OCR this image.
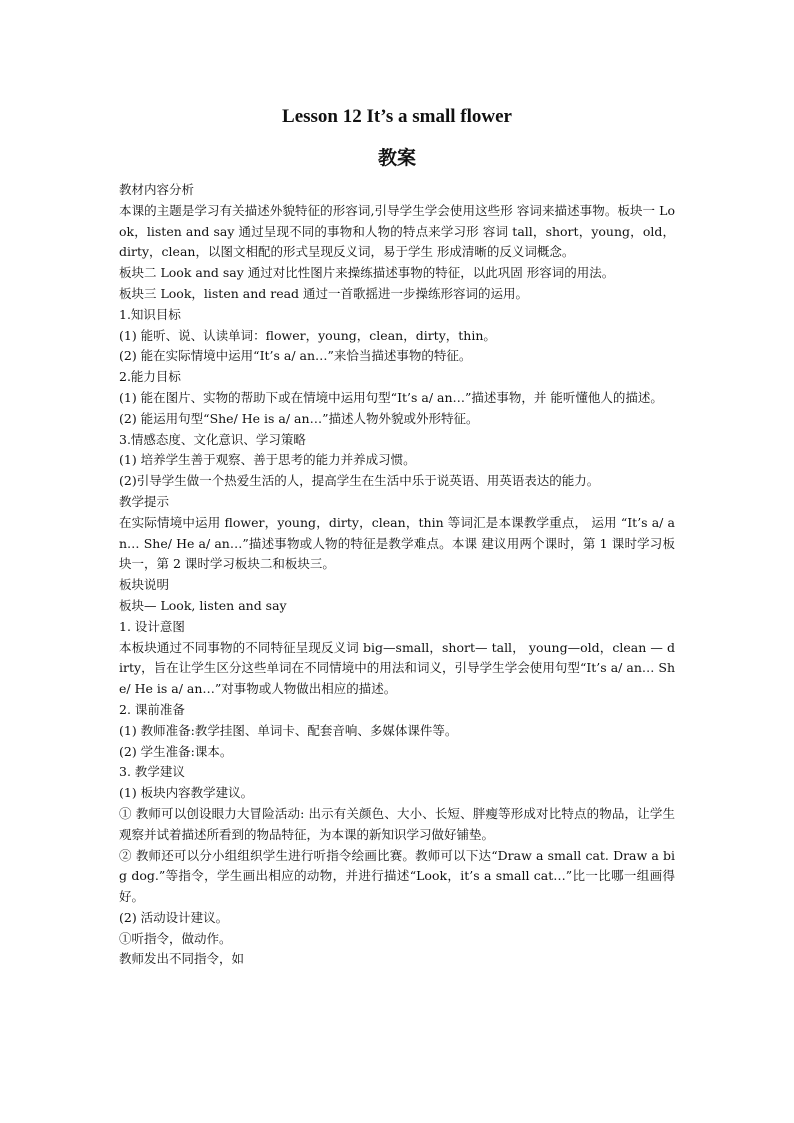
Lesson 12 It’s a small flower
教案

教材内容分析

本课的主题是学习有关描述外貌特征的形容词,引导学生学会使用这些形 容词来描述事物。板块一 Look，listen and say 通过呈现不同的事物和人物的特点来学习形 容词 tall，short，young，old，dirty，clean，以图文相配的形式呈现反义词，易于学生 形成清晰的反义词概念。

板块二 Look and say 通过对比性图片来操练描述事物的特征，以此巩固 形容词的用法。

板块三 Look，listen and read 通过一首歌摇进一步操练形容词的运用。

1.知识目标

(1) 能听、说、认读单词：flower，young，clean，dirty，thin。

(2) 能在实际情境中运用“It’s a/ an…”来恰当描述事物的特征。

2.能力目标

(1) 能在图片、实物的帮助下或在情境中运用句型“It’s a/ an…”描述事物，并 能听懂他人的描述。

(2) 能运用句型“She/ He is a/ an…”描述人物外貌或外形特征。

3.情感态度、文化意识、学习策略

(1) 培养学生善于观察、善于思考的能力并养成习惯。

(2)引导学生做一个热爱生活的人，提高学生在生活中乐于说英语、用英语表达的能力。

教学提示

在实际情境中运用 flower，young，dirty，clean，thin 等词汇是本课教学重点， 运用 “It’s a/ an… She/ He a/ an…”描述事物或人物的特征是教学难点。本课 建议用两个课时，第 1 课时学习板块一，第 2 课时学习板块二和板块三。

板块说明

板块— Look, listen and say

1. 设计意图

本板块通过不同事物的不同特征呈现反义词 big—small，short— tall， young—old，clean — dirty，旨在让学生区分这些单词在不同情境中的用法和词义，引导学生学会使用句型“It’s a/ an… She/ He is a/ an…”对事物或人物做出相应的描述。

2. 课前准备

(1) 教师准备:教学挂图、单词卡、配套音响、多媒体课件等。

(2) 学生准备:课本。

3. 教学建议

(1) 板块内容教学建议。

① 教师可以创设眼力大冒险活动: 出示有关颜色、大小、长短、胖瘦等形成对比特点的物品，让学生观察并试着描述所看到的物品特征，为本课的新知识学习做好铺垫。

② 教师还可以分小组组织学生进行听指令绘画比赛。教师可以下达“Draw a small cat. Draw a big dog.”等指令，学生画出相应的动物，并进行描述“Look，it’s a small cat…”比一比哪一组画得好。

(2) 活动设计建议。

①听指令，做动作。

教师发出不同指令，如
